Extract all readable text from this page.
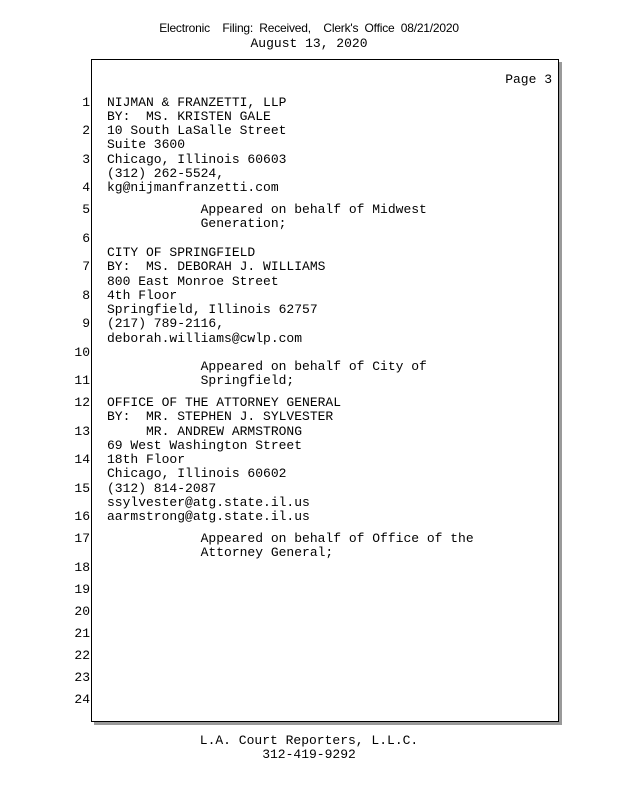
Electronic    Filing:  Received,    Clerk's  Office  08/21/2020
August 13, 2020
Page 3
1
2
3
4
5
6
7
8
9
10
11
12
13
14
15
16
17
18
19
20
21
22
23
24
NIJMAN & FRANZETTI, LLP
BY:  MS. KRISTEN GALE
10 South LaSalle Street
Suite 3600
Chicago, Illinois 60603
(312) 262-5524,
kg@nijmanfranzetti.com
Appeared on behalf of Midwest
Generation;
CITY OF SPRINGFIELD
BY:  MS. DEBORAH J. WILLIAMS
800 East Monroe Street
4th Floor
Springfield, Illinois 62757
(217) 789-2116,
deborah.williams@cwlp.com
Appeared on behalf of City of
Springfield;
OFFICE OF THE ATTORNEY GENERAL
BY:  MR. STEPHEN J. SYLVESTER
MR. ANDREW ARMSTRONG
69 West Washington Street
18th Floor
Chicago, Illinois 60602
(312) 814-2087
ssylvester@atg.state.il.us
aarmstrong@atg.state.il.us
Appeared on behalf of Office of the
Attorney General;
L.A. Court Reporters, L.L.C.
312-419-9292
